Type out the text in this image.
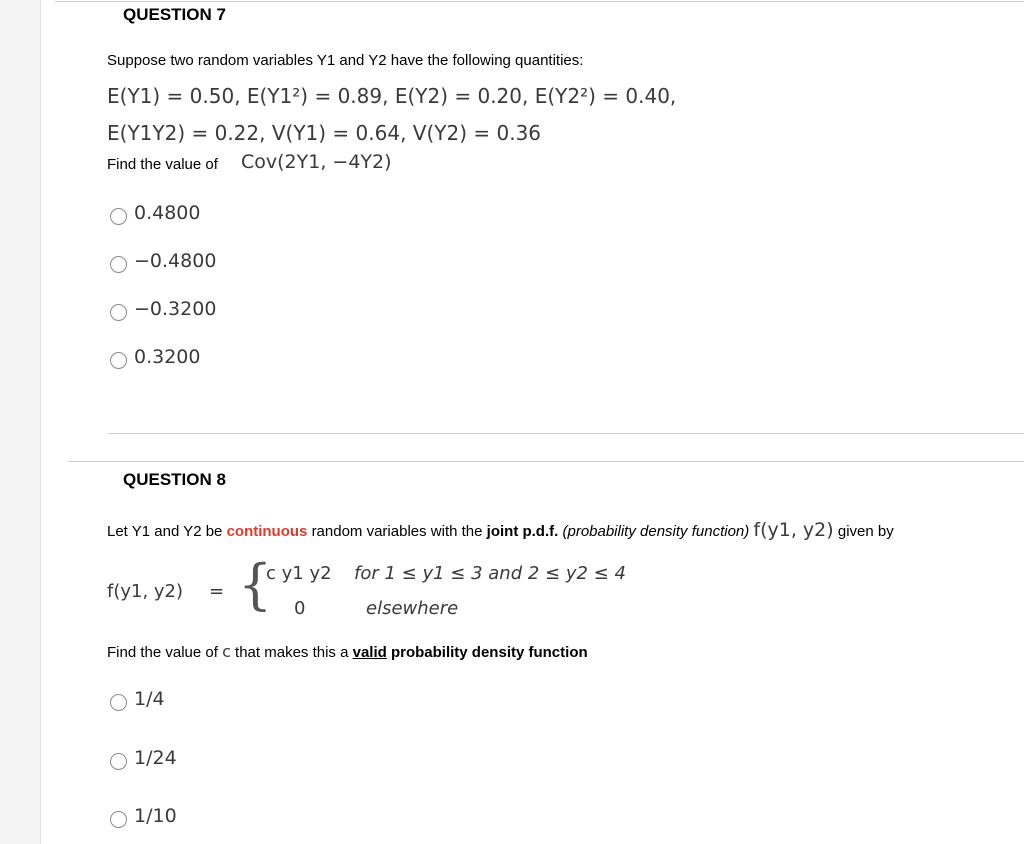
QUESTION 7
Suppose two random variables Y1 and Y2 have the following quantities:
E(Y1) = 0.50, E(Y1²) = 0.89, E(Y2) = 0.20, E(Y2²) = 0.40,
E(Y1Y2) = 0.22, V(Y1) = 0.64, V(Y2) = 0.36
Find the value of Cov(2Y1, −4Y2)
0.4800
−0.4800
−0.3200
0.3200
QUESTION 8
Let Y1 and Y2 be continuous random variables with the joint p.d.f. (probability density function) f(y1, y2) given by
f(y1, y2) = {
c y1 y2 for 1 ≤ y1 ≤ 3 and 2 ≤ y2 ≤ 4
0	elsewhere
Find the value of c that makes this a valid probability density function
1/4
1/24
1/10
